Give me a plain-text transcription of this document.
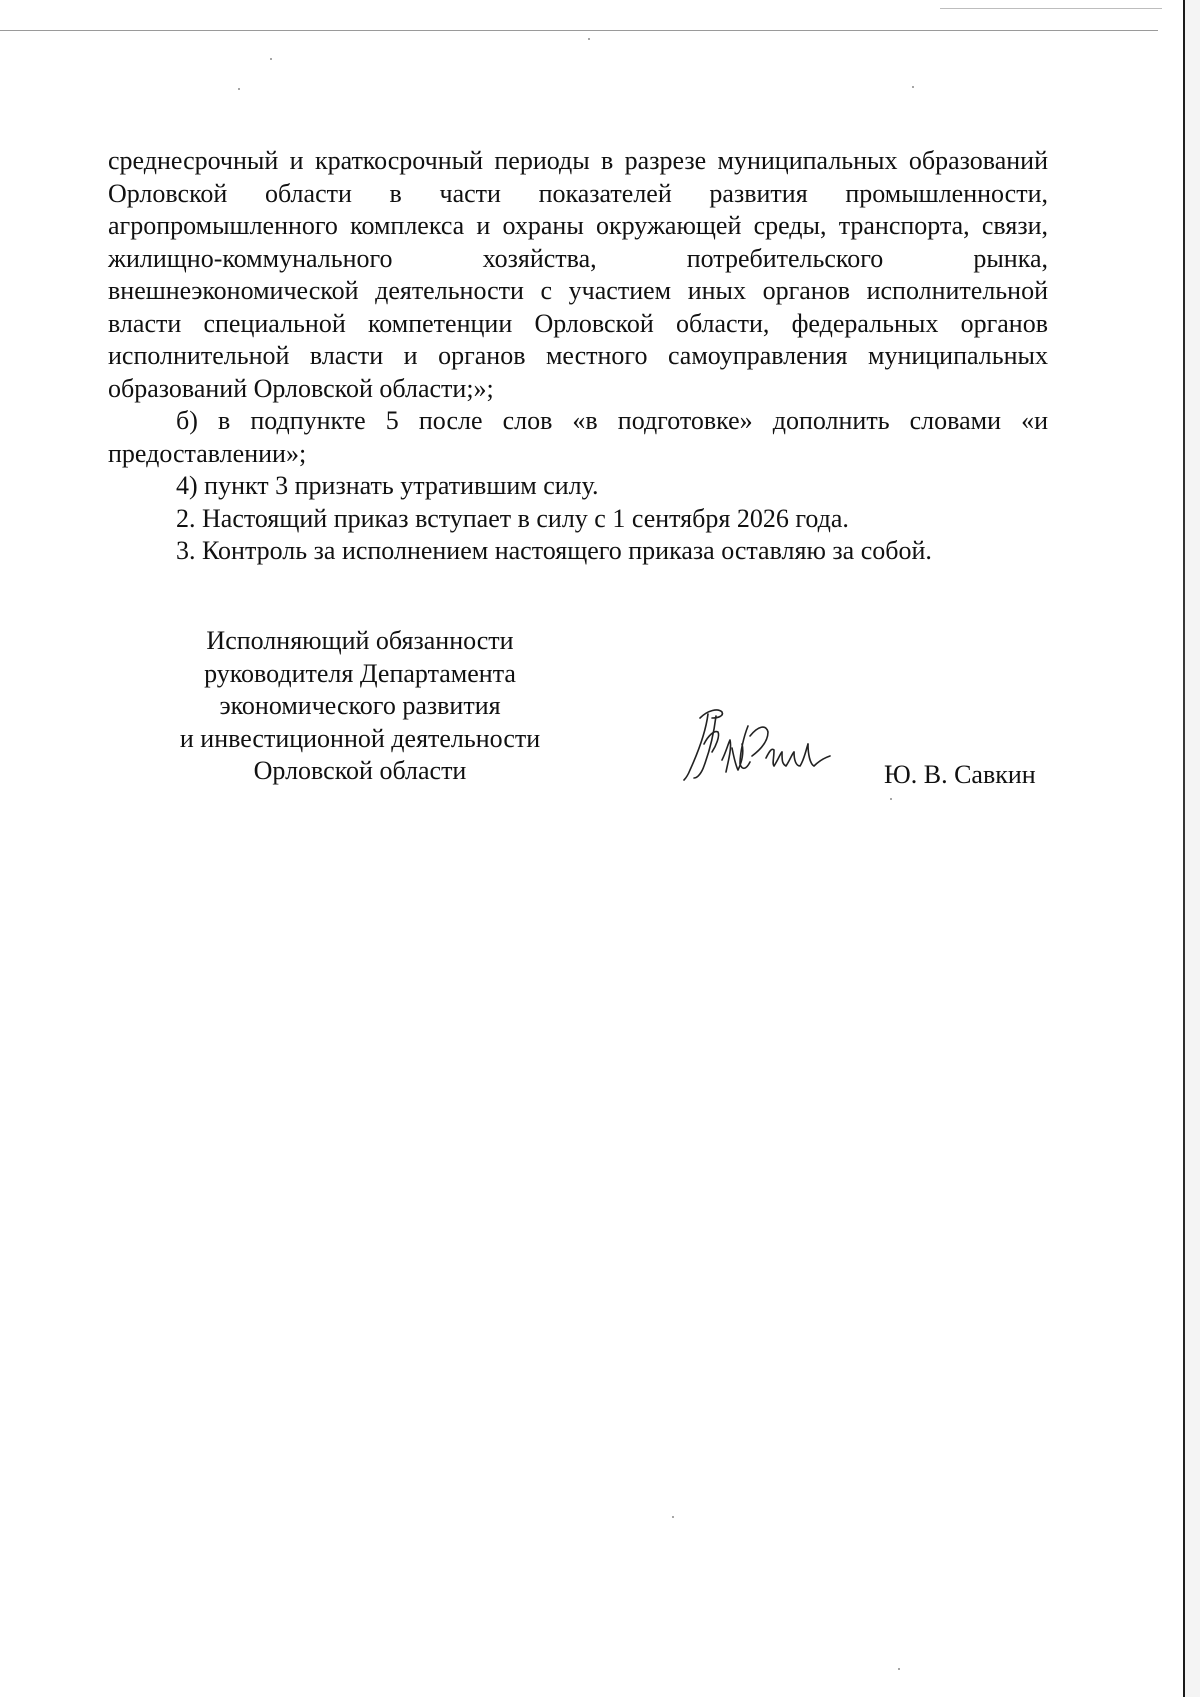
среднесрочный и краткосрочный периоды в разрезе муниципальных образований Орловской области в части показателей развития промышленности, агропромышленного комплекса и охраны окружающей среды, транспорта, связи, жилищно-коммунального хозяйства, потребительского рынка, внешнеэкономической деятельности с участием иных органов исполнительной власти специальной компетенции Орловской области, федеральных органов исполнительной власти и органов местного самоуправления муниципальных образований Орловской области;»;

б) в подпункте 5 после слов «в подготовке» дополнить словами «и предоставлении»;

4) пункт 3 признать утратившим силу.

2. Настоящий приказ вступает в силу с 1 сентября 2026 года.

3. Контроль за исполнением настоящего приказа оставляю за собой.

Исполняющий обязанности
руководителя Департамента
экономического развития
и инвестиционной деятельности
Орловской области	Ю. В. Савкин
